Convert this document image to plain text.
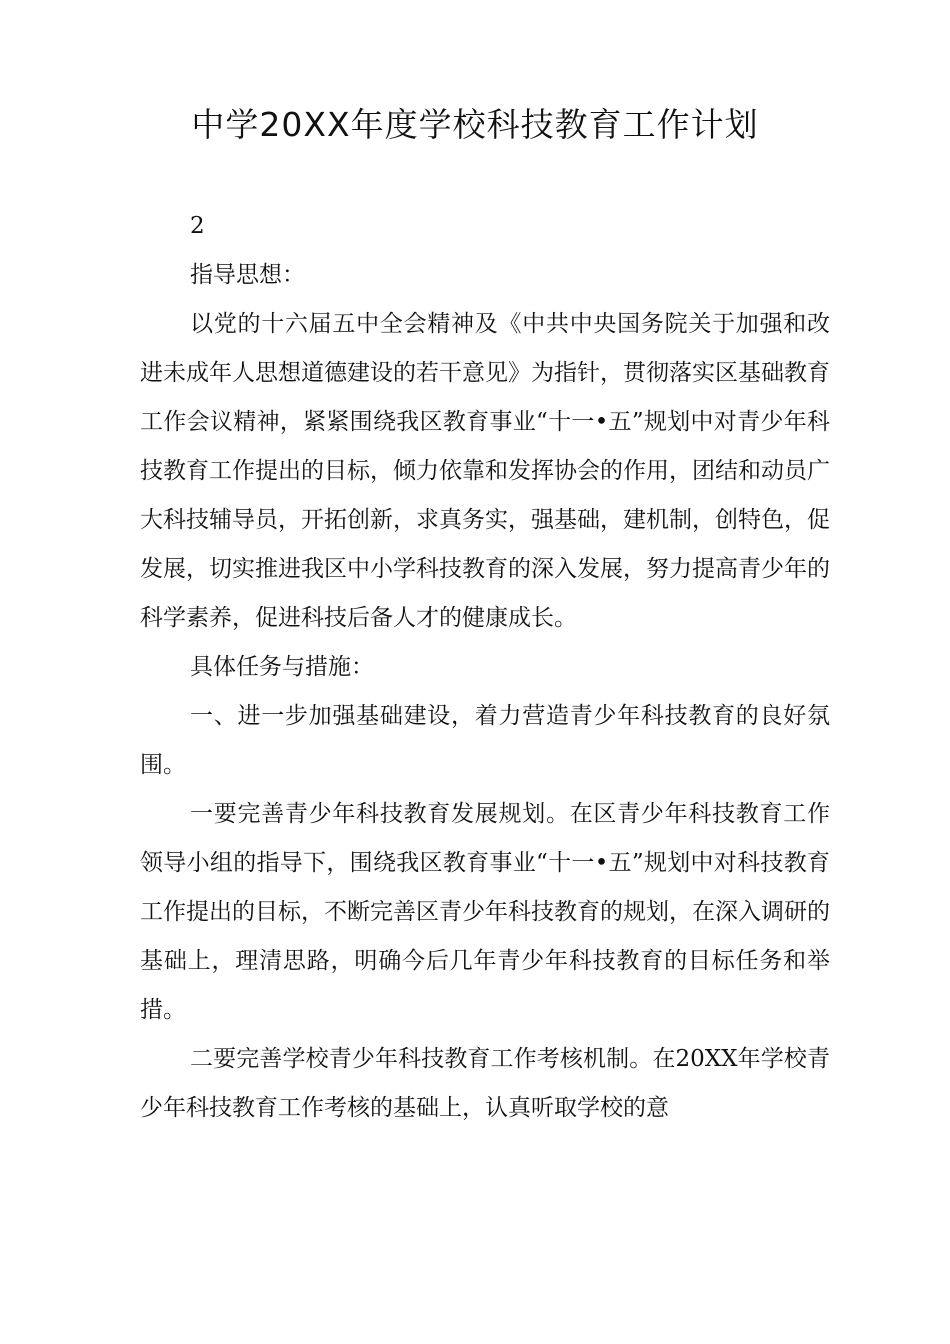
中学20XX年度学校科技教育工作计划

2

指导思想：

以党的十六届五中全会精神及《中共中央国务院关于加强和改进未成年人思想道德建设的若干意见》为指针，贯彻落实区基础教育工作会议精神，紧紧围绕我区教育事业“十一•五”规划中对青少年科技教育工作提出的目标，倾力依靠和发挥协会的作用，团结和动员广大科技辅导员，开拓创新，求真务实，强基础，建机制，创特色，促发展，切实推进我区中小学科技教育的深入发展，努力提高青少年的科学素养，促进科技后备人才的健康成长。

具体任务与措施：

一、进一步加强基础建设，着力营造青少年科技教育的良好氛围。

一要完善青少年科技教育发展规划。在区青少年科技教育工作领导小组的指导下，围绕我区教育事业“十一•五”规划中对科技教育工作提出的目标，不断完善区青少年科技教育的规划，在深入调研的基础上，理清思路，明确今后几年青少年科技教育的目标任务和举措。

二要完善学校青少年科技教育工作考核机制。在20XX年学校青少年科技教育工作考核的基础上，认真听取学校的意
